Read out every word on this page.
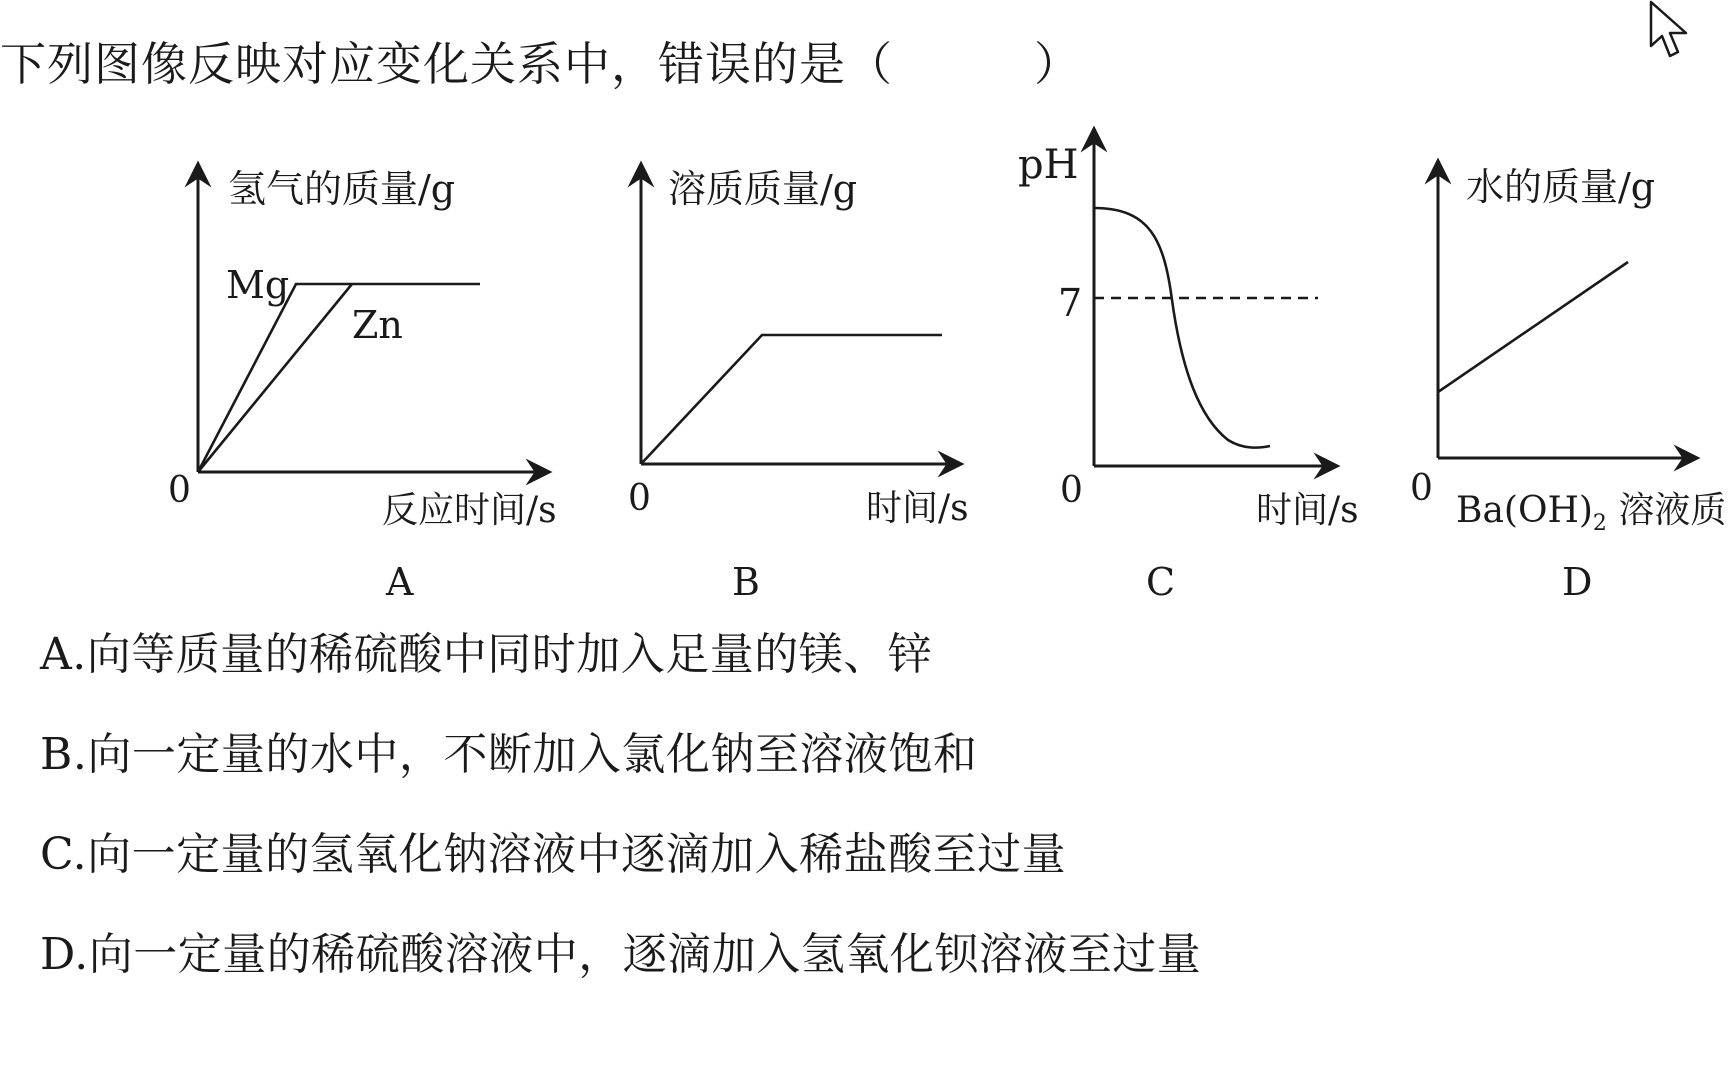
下列图像反映对应变化关系中，错误的是（　　　）
氢气的质量/g
反应时间/s
0
Mg
Zn
A
溶质质量/g
时间/s
0
B
pH
时间/s
0
7
C
水的质量/g
0
$Ba(OH)_2$ 溶液质
D
A.向等质量的稀硫酸中同时加入足量的镁、锌
B.向一定量的水中，不断加入氯化钠至溶液饱和
C.向一定量的氢氧化钠溶液中逐滴加入稀盐酸至过量
D.向一定量的稀硫酸溶液中，逐滴加入氢氧化钡溶液至过量
